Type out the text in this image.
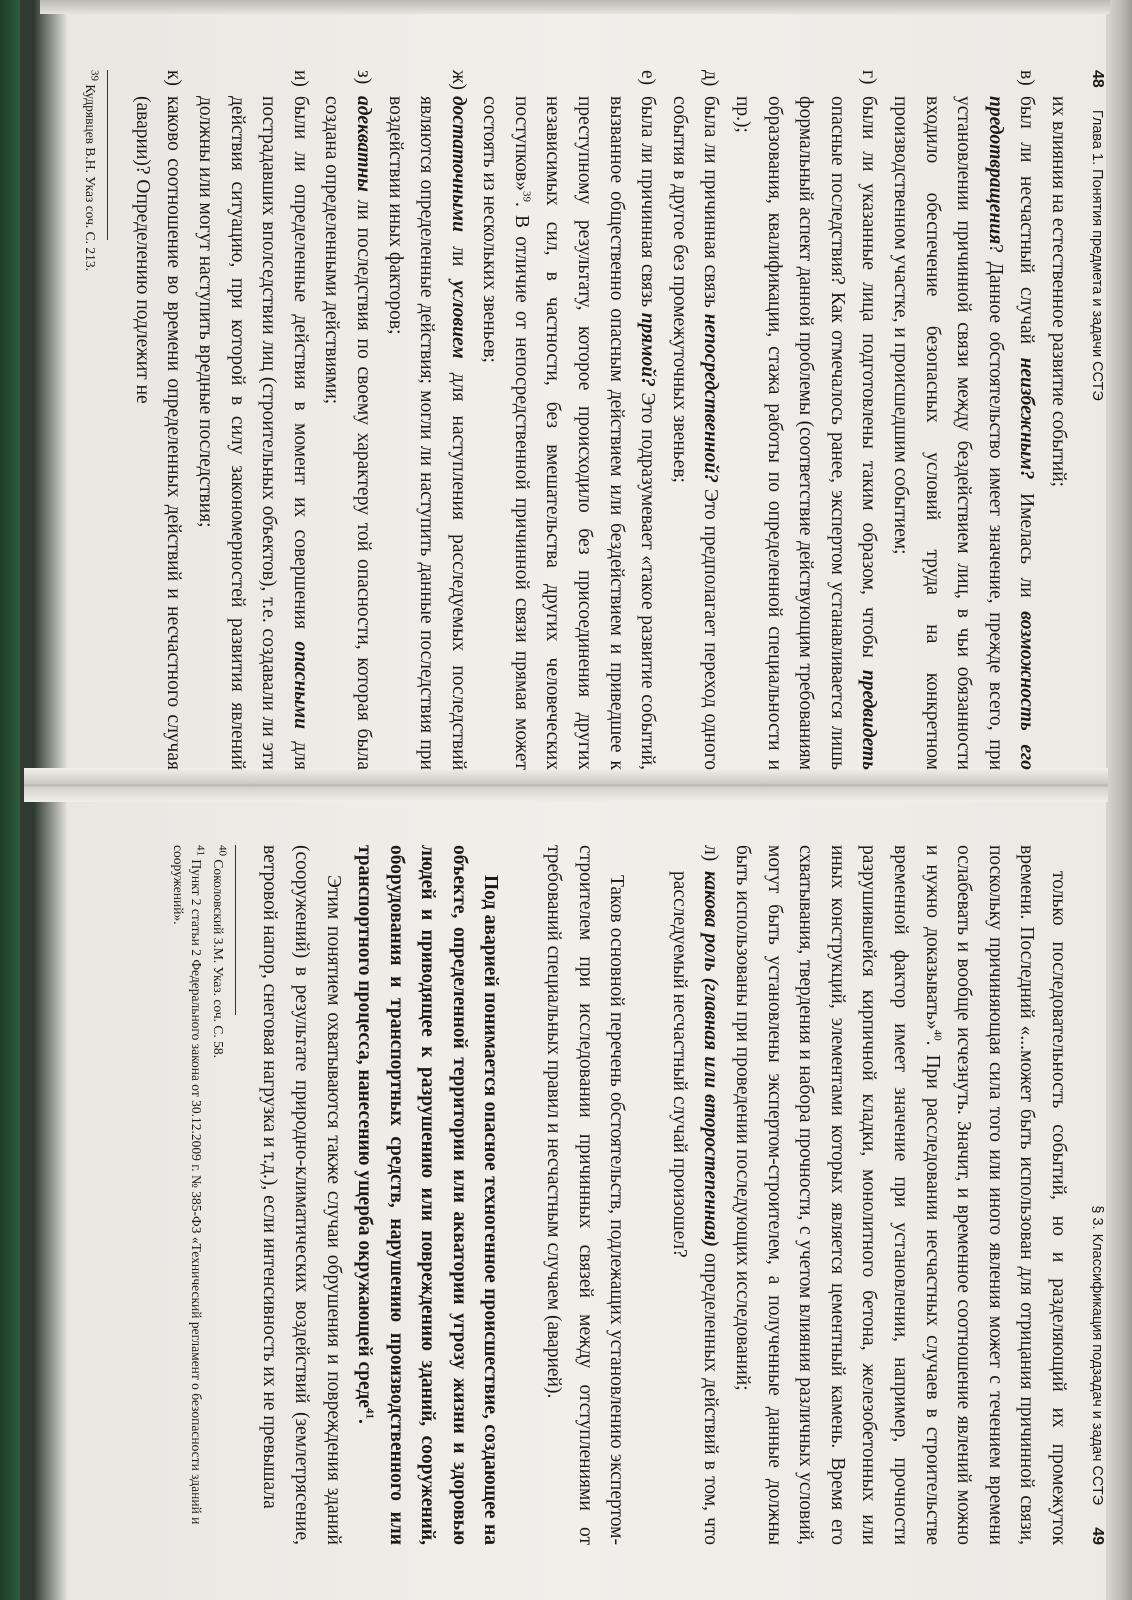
48 Глава 1. Понятия предмета и задачи ССТЭ

их влияния на естественное развитие событий;

в)
был ли несчастный случай неизбежным? Имелась ли возможность его предотвращения? Данное обстоятельство имеет значение, прежде всего, при установлении причинной связи между бездействием лиц, в чьи обязанности входило обеспечение безопасных условий труда на конкретном производственном участке, и происшедшим событием;
г)
были ли указанные лица подготовлены таким образом, чтобы предвидеть опасные последствия? Как отмечалось ранее, экспертом устанавливается лишь формальный аспект данной проблемы (соответствие действующим требованиям образования, квалификации, стажа работы по определенной специальности и пр.);
д)
была ли причинная связь непосредственной? Это предполагает переход одного события в другое без промежуточных звеньев;
е)
была ли причинная связь прямой? Это подразумевает «такое развитие событий, вызванное общественно опасным действием или бездействием и приведшее к преступному результату, которое происходило без присоединения других независимых сил, в частности, без вмешательства других человеческих поступков»$^{39}$. В отличие от непосредственной причинной связи прямая может состоять из нескольких звеньев;
ж)
достаточными ли условием для наступления расследуемых последствий являются определенные действия; могли ли наступить данные последствия при воздействии иных факторов;
з)
адекватны ли последствия по своему характеру той опасности, которая была создана определенными действиями;
и)
были ли определенные действия в момент их совершения опасными для пострадавших вполседствии лиц (строительных объектов), т.е. создавали ли эти действия ситуацию, при которой в силу закономерностей развития явлений должны или могут наступить вредные последствия;
к)
каково соотношение во времени определенных действий и несчастного случая (аварии)? Определению подлежит не

$^{39}$ Кудрявцев В.Н. Указ соч. С. 213.

§ 3. Классификация подзадач и задач ССТЭ 49

только последовательность событий, но и разделяющий их промежуток времени. Последний «...может быть использован для отрицания причинной связи, поскольку причиняющая сила того или иного явления может с течением времени ослабевать и вообще исчезнуть. Значит, и временное соотношение явлений можно и нужно доказывать»$^{40}$. При расследовании несчастных случаев в строительстве временной фактор имеет значение при установлении, например, прочности разрушившейся кирпичной кладки, монолитного бетона, железобетонных или иных конструкций, элементами которых является цементный камень. Время его схватывания, твердения и набора прочности, с учетом влияния различных условий, могут быть установлены экспертом-строителем, а полученные данные должны быть использованы при проведении последующих исследований;

л)
какова роль (главная или второстепенная) определенных действий в том, что расследуемый несчастный случай произошел?

Таков основной перечень обстоятельств, подлежащих установлению экспертом-строителем при исследовании причинных связей между отступлениями от требований специальных правил и несчастным случаем (аварией).

Под аварией понимается опасное техногенное происшествие, создающее на объекте, определенной территории или акватории угрозу жизни и здоровью людей и приводящее к разрушению или повреждению зданий, сооружений, оборудования и транспортных средств, нарушению производственного или транспортного процесса, нанесению ущерба окружающей среде$^{41}$.

Этим понятием охватываются также случаи обрушения и повреждения зданий (сооружений) в результате природно-климатических воздействий (землетрясение, ветровой напор, снеговая нагрузка и т.д.), если интенсивность их не превышала

$^{40}$ Соколовский З.М. Указ. соч. С. 58.

$^{41}$ Пункт 2 статьи 2 Федерального закона от 30.12.2009 г. № 385-ФЗ «Технический регламент о безопасности зданий и сооружений».
